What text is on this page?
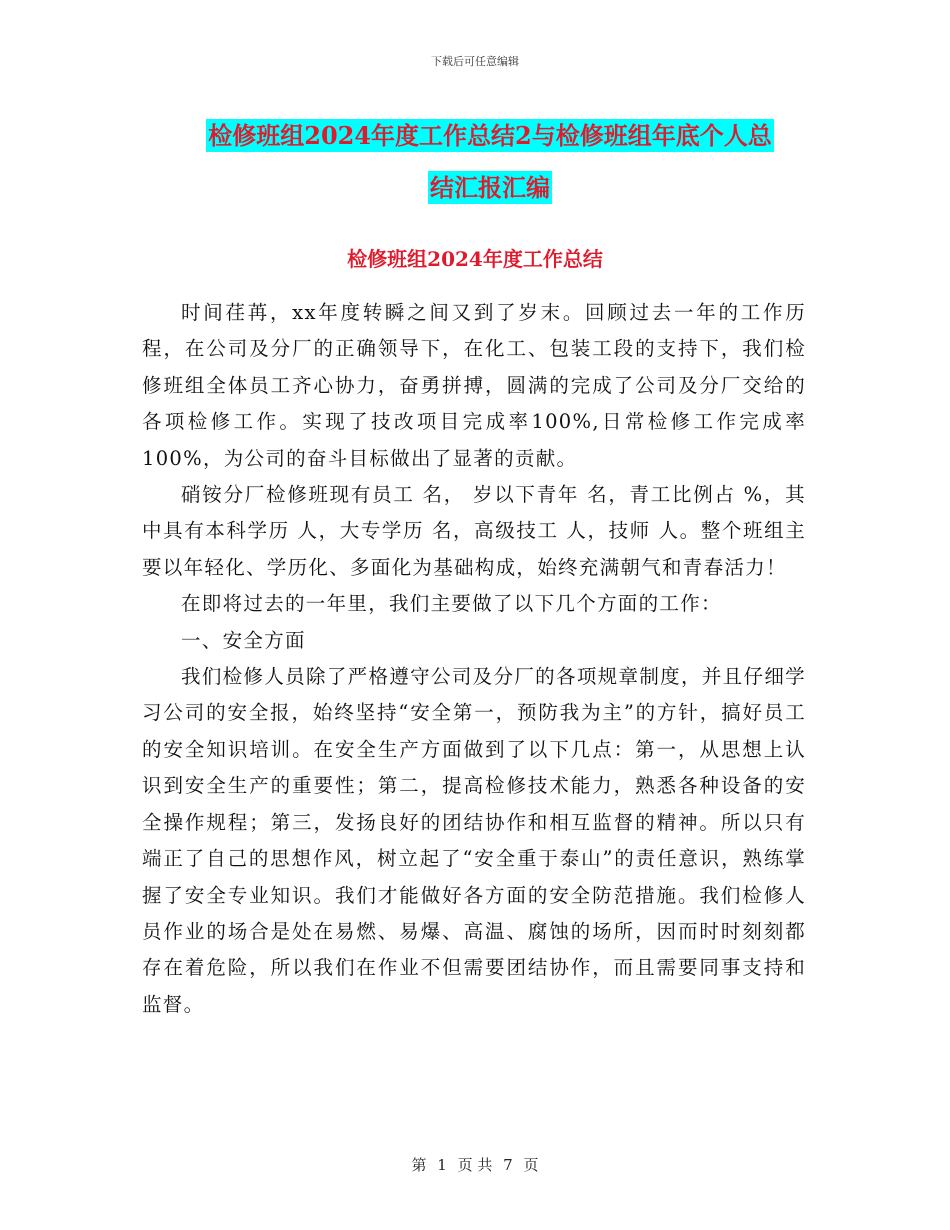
下载后可任意编辑
检修班组2024年度工作总结2与检修班组年底个人总
结汇报汇编
检修班组2024年度工作总结

时间荏苒，xx年度转瞬之间又到了岁末。回顾过去一年的工作历程，在公司及分厂的正确领导下，在化工、包装工段的支持下，我们检修班组全体员工齐心协力，奋勇拼搏，圆满的完成了公司及分厂交给的各项检修工作。实现了技改项目完成率100%,日常检修工作完成率100%，为公司的奋斗目标做出了显著的贡献。

硝铵分厂检修班现有员工 名， 岁以下青年 名，青工比例占 %，其中具有本科学历 人，大专学历 名，高级技工 人，技师 人。整个班组主要以年轻化、学历化、多面化为基础构成，始终充满朝气和青春活力！

在即将过去的一年里，我们主要做了以下几个方面的工作：

一、安全方面

我们检修人员除了严格遵守公司及分厂的各项规章制度，并且仔细学习公司的安全报，始终坚持“安全第一，预防我为主”的方针，搞好员工的安全知识培训。在安全生产方面做到了以下几点：第一，从思想上认识到安全生产的重要性；第二，提高检修技术能力，熟悉各种设备的安全操作规程；第三，发扬良好的团结协作和相互监督的精神。所以只有端正了自己的思想作风，树立起了“安全重于泰山”的责任意识，熟练掌握了安全专业知识。我们才能做好各方面的安全防范措施。我们检修人员作业的场合是处在易燃、易爆、高温、腐蚀的场所，因而时时刻刻都存在着危险，所以我们在作业不但需要团结协作，而且需要同事支持和监督。

第 1 页 共 7 页
